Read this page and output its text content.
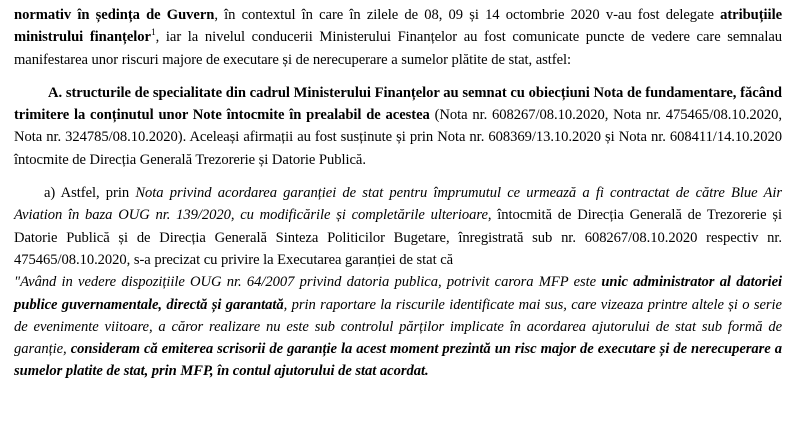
normativ în ședința de Guvern, în contextul în care în zilele de 08, 09 și 14 octombrie 2020 v-au fost delegate atribuțiile ministrului finanțelor$^1$, iar la nivelul conducerii Ministerului Finanțelor au fost comunicate puncte de vedere care semnalau manifestarea unor riscuri majore de executare și de nerecuperare a sumelor plătite de stat, astfel:

A. structurile de specialitate din cadrul Ministerului Finanțelor au semnat cu obiecțiuni Nota de fundamentare, făcând trimitere la conținutul unor Note întocmite în prealabil de acestea (Nota nr. 608267/08.10.2020, Nota nr. 475465/08.10.2020, Nota nr. 324785/08.10.2020). Aceleași afirmații au fost susținute și prin Nota nr. 608369/13.10.2020 și Nota nr. 608411/14.10.2020 întocmite de Direcția Generală Trezorerie și Datorie Publică.

a) Astfel, prin Nota privind acordarea garanției de stat pentru împrumutul ce urmează a fi contractat de către Blue Air Aviation în baza OUG nr. 139/2020, cu modificările și completările ulterioare, întocmită de Direcția Generală de Trezorerie și Datorie Publică și de Direcția Generală Sinteza Politicilor Bugetare, înregistrată sub nr. 608267/08.10.2020 respectiv nr. 475465/08.10.2020, s-a precizat cu privire la Executarea garanției de stat că

"Având in vedere dispozițiile OUG nr. 64/2007 privind datoria publica, potrivit carora MFP este unic administrator al datoriei publice guvernamentale, directă și garantată, prin raportare la riscurile identificate mai sus, care vizeaza printre altele și o serie de evenimente viitoare, a căror realizare nu este sub controlul părților implicate în acordarea ajutorului de stat sub formă de garanție, consideram că emiterea scrisorii de garanție la acest moment prezintă un risc major de executare și de nerecuperare a sumelor platite de stat, prin MFP, în contul ajutorului de stat acordat.
